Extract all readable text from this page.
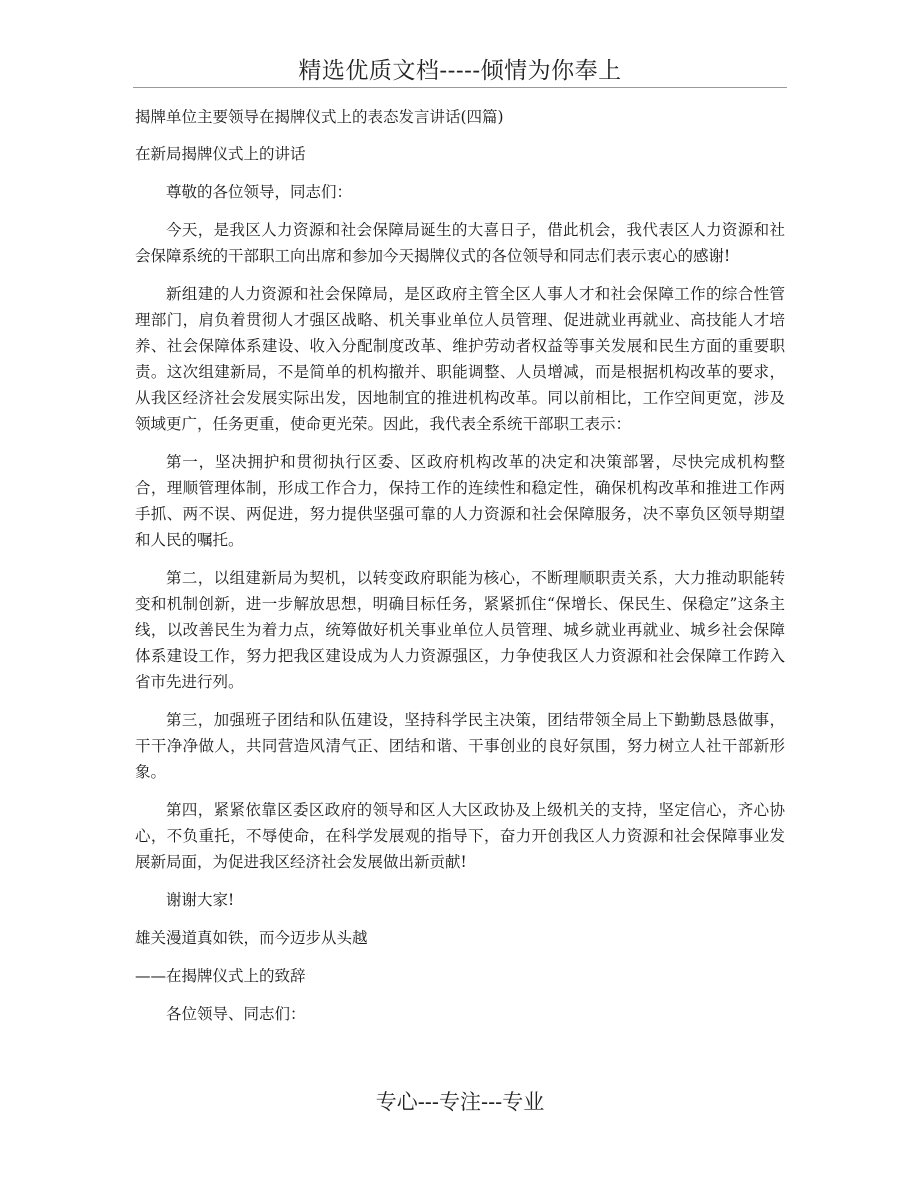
精选优质文档-----倾情为你奉上

揭牌单位主要领导在揭牌仪式上的表态发言讲话(四篇)

在新局揭牌仪式上的讲话

尊敬的各位领导，同志们：

今天，是我区人力资源和社会保障局诞生的大喜日子，借此机会，我代表区人力资源和社会保障系统的干部职工向出席和参加今天揭牌仪式的各位领导和同志们表示衷心的感谢!

新组建的人力资源和社会保障局，是区政府主管全区人事人才和社会保障工作的综合性管理部门，肩负着贯彻人才强区战略、机关事业单位人员管理、促进就业再就业、高技能人才培养、社会保障体系建设、收入分配制度改革、维护劳动者权益等事关发展和民生方面的重要职责。这次组建新局，不是简单的机构撤并、职能调整、人员增减，而是根据机构改革的要求，从我区经济社会发展实际出发，因地制宜的推进机构改革。同以前相比，工作空间更宽，涉及领域更广，任务更重，使命更光荣。因此，我代表全系统干部职工表示：

第一，坚决拥护和贯彻执行区委、区政府机构改革的决定和决策部署，尽快完成机构整合，理顺管理体制，形成工作合力，保持工作的连续性和稳定性，确保机构改革和推进工作两手抓、两不误、两促进，努力提供坚强可靠的人力资源和社会保障服务，决不辜负区领导期望和人民的嘱托。

第二，以组建新局为契机，以转变政府职能为核心，不断理顺职责关系，大力推动职能转变和机制创新，进一步解放思想，明确目标任务，紧紧抓住“保增长、保民生、保稳定”这条主线，以改善民生为着力点，统筹做好机关事业单位人员管理、城乡就业再就业、城乡社会保障体系建设工作，努力把我区建设成为人力资源强区，力争使我区人力资源和社会保障工作跨入省市先进行列。

第三，加强班子团结和队伍建设，坚持科学民主决策，团结带领全局上下勤勤恳恳做事，干干净净做人，共同营造风清气正、团结和谐、干事创业的良好氛围，努力树立人社干部新形象。

第四，紧紧依靠区委区政府的领导和区人大区政协及上级机关的支持，坚定信心，齐心协心，不负重托，不辱使命，在科学发展观的指导下，奋力开创我区人力资源和社会保障事业发展新局面，为促进我区经济社会发展做出新贡献!

谢谢大家!

雄关漫道真如铁，而今迈步从头越

——在揭牌仪式上的致辞

各位领导、同志们：

专心---专注---专业
